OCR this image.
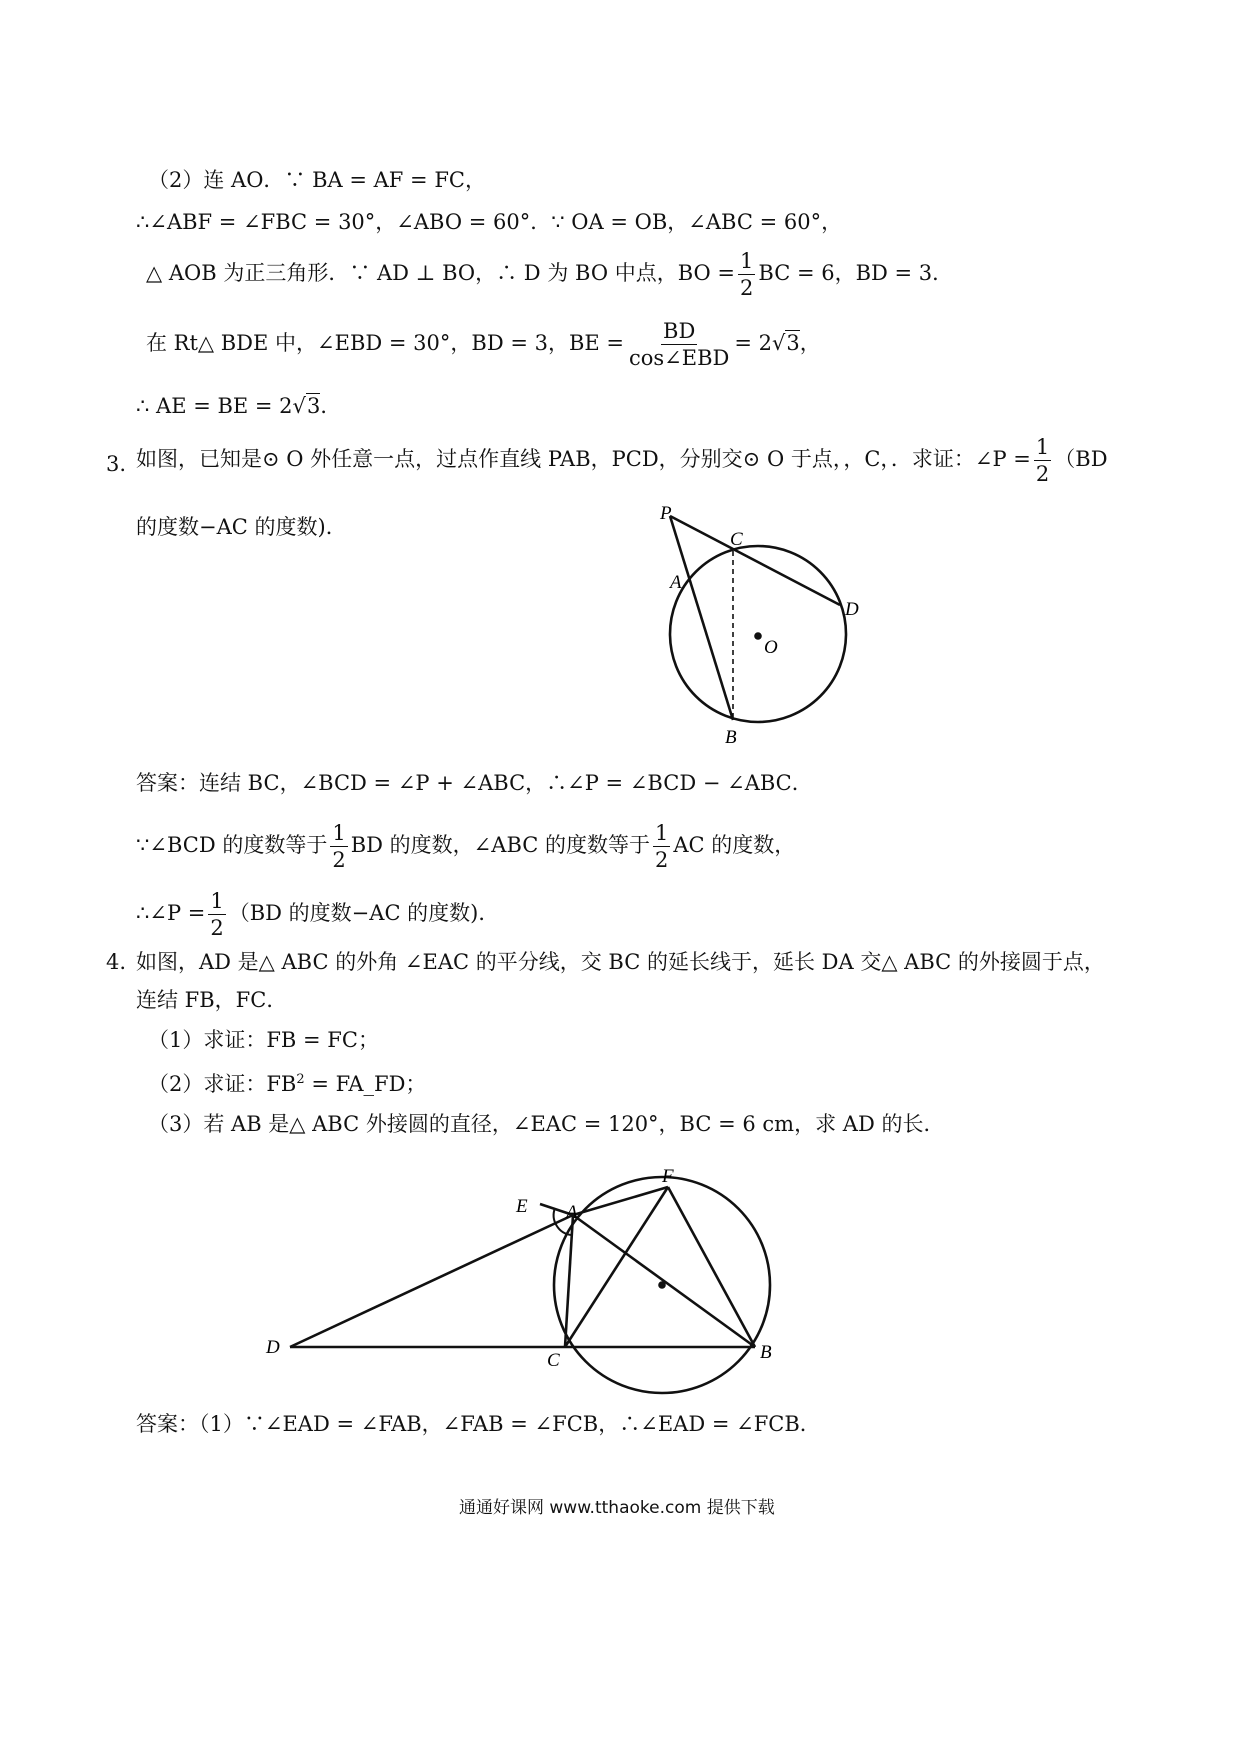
（2）连 AO．∵ BA = AF = FC，
∴∠ABF = ∠FBC = 30°，∠ABO = 60°．∵ OA = OB，∠ABC = 60°，
△ AOB 为正三角形．∵ AD ⊥ BO，∴ D 为 BO 中点，BO = $\frac{1}{2}$ BC = 6，BD = 3．
在 Rt△ BDE 中，∠EBD = 30°，BD = 3，BE = $\frac{BD}{\text{cos∠EBD}} = 2√3$，
∴ AE = BE = 2√3．
3. 如图，已知是⊙ O 外任意一点，过点作直线 PAB，PCD，分别交⊙ O 于点，，C，．求证：∠P = $\frac{1}{2} (BD$
的度数−AC 的度数)．
P
C
A
D
O
B
答案：连结 BC，∠BCD = ∠P + ∠ABC，∴∠P = ∠BCD − ∠ABC．
∵∠BCD 的度数等于 $\frac{1}{2}$ BD 的度数，∠ABC 的度数等于 $\frac{1}{2}$ AC 的度数，
∴∠P = $\frac{1}{2} (BD$ 的度数−AC 的度数)．
4. 如图，AD 是△ ABC 的外角 ∠EAC 的平分线，交 BC 的延长线于，延长 DA 交△ ABC 的外接圆于点，
连结 FB，FC．
（1）求证：FB = FC；
（2）求证：$FB^2$ = FA_FD；
（3）若 AB 是△ ABC 外接圆的直径，∠EAC = 120°，BC = 6 cm，求 AD 的长．
E A
F
D
C	B
答案：（1）∵∠EAD = ∠FAB，∠FAB = ∠FCB，∴∠EAD = ∠FCB．
通通好课网 www.tthaoke.com 提供下载
